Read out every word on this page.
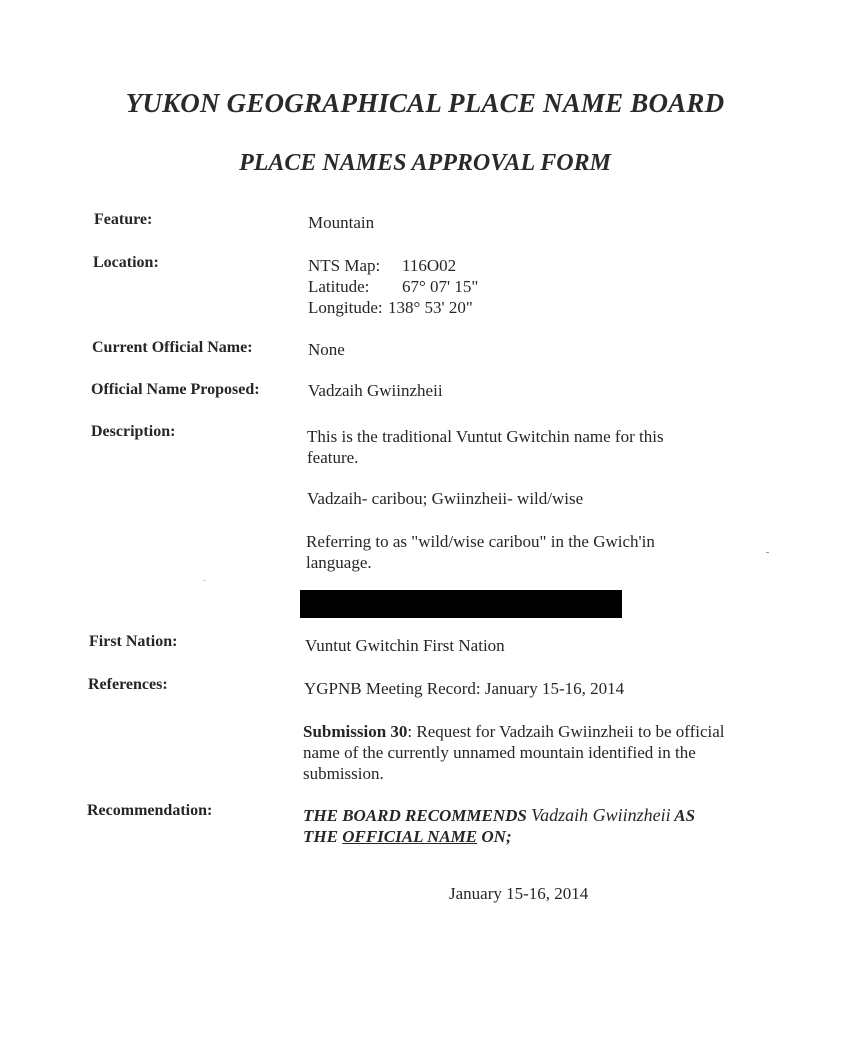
YUKON GEOGRAPHICAL PLACE NAME BOARD
PLACE NAMES APPROVAL FORM
Feature:	Mountain
Location:	NTS Map: 116O02
Latitude: 67° 07' 15"
Longitude: 138° 53' 20"
Current Official Name:	None
Official Name Proposed:	Vadzaih Gwiinzheii
Description:	This is the traditional Vuntut Gwitchin name for this feature.
Vadzaih- caribou; Gwiinzheii- wild/wise
Referring to as "wild/wise caribou" in the Gwich'in language.
First Nation:	Vuntut Gwitchin First Nation
References:	YGPNB Meeting Record: January 15-16, 2014
Submission 30: Request for Vadzaih Gwiinzheii to be official name of the currently unnamed mountain identified in the submission.
Recommendation:	THE BOARD RECOMMENDS Vadzaih Gwiinzheii AS
THE OFFICIAL NAME ON;
January 15-16, 2014
